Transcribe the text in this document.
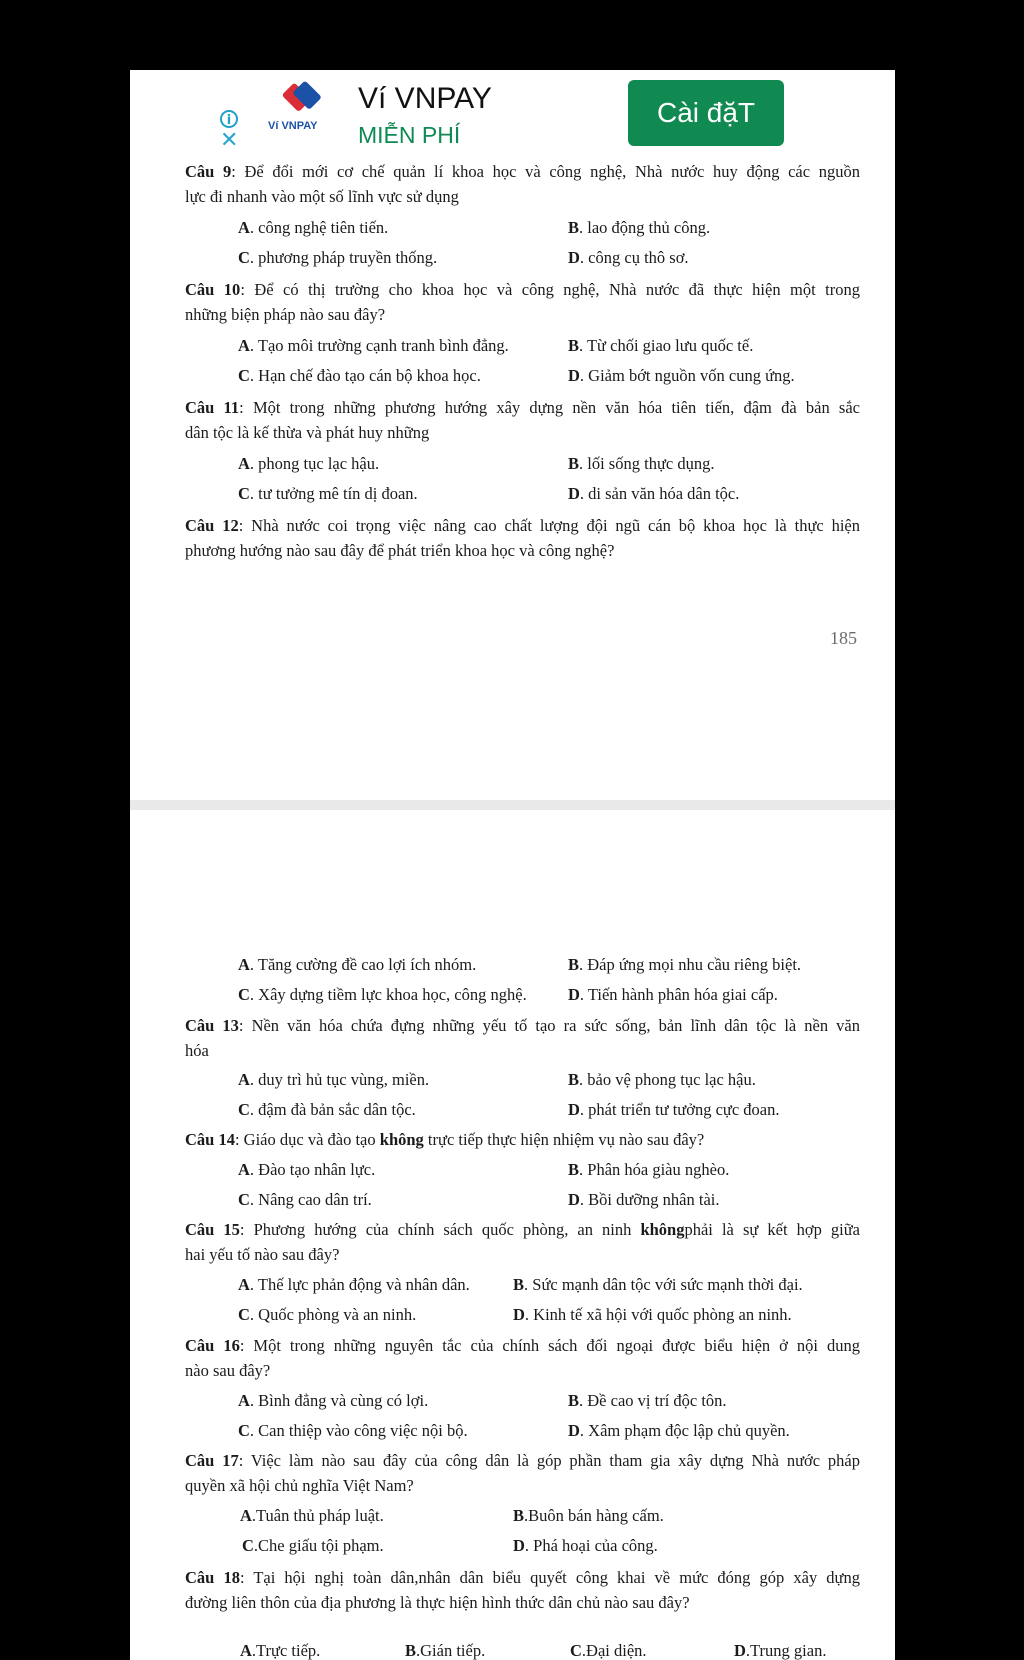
Câu 9: Để đổi mới cơ chế quản lí khoa học và công nghệ, Nhà nước huy động các nguồn
lực đi nhanh vào một số lĩnh vực sử dụng
A. công nghệ tiên tiến.	B. lao động thủ công.
C. phương pháp truyền thống.	D. công cụ thô sơ.
Câu 10: Để có thị trường cho khoa học và công nghệ, Nhà nước đã thực hiện một trong
những biện pháp nào sau đây?
A. Tạo môi trường cạnh tranh bình đẳng.	B. Từ chối giao lưu quốc tế.
C. Hạn chế đào tạo cán bộ khoa học.	D. Giảm bớt nguồn vốn cung ứng.
Câu 11: Một trong những phương hướng xây dựng nền văn hóa tiên tiến, đậm đà bản sắc
dân tộc là kế thừa và phát huy những
A. phong tục lạc hậu.	B. lối sống thực dụng.
C. tư tưởng mê tín dị đoan.	D. di sản văn hóa dân tộc.
Câu 12: Nhà nước coi trọng việc nâng cao chất lượng đội ngũ cán bộ khoa học là thực hiện
phương hướng nào sau đây để phát triển khoa học và công nghệ?
185
A. Tăng cường đề cao lợi ích nhóm.	B. Đáp ứng mọi nhu cầu riêng biệt.
C. Xây dựng tiềm lực khoa học, công nghệ.	D. Tiến hành phân hóa giai cấp.
Câu 13: Nền văn hóa chứa đựng những yếu tố tạo ra sức sống, bản lĩnh dân tộc là nền văn
hóa
A. duy trì hủ tục vùng, miền.	B. bảo vệ phong tục lạc hậu.
C. đậm đà bản sắc dân tộc.	D. phát triển tư tưởng cực đoan.
Câu 14: Giáo dục và đào tạo không trực tiếp thực hiện nhiệm vụ nào sau đây?
A. Đào tạo nhân lực.	B. Phân hóa giàu nghèo.
C. Nâng cao dân trí.	D. Bồi dưỡng nhân tài.
Câu 15: Phương hướng của chính sách quốc phòng, an ninh khôngphải là sự kết hợp giữa
hai yếu tố nào sau đây?
A. Thế lực phản động và nhân dân.	B. Sức mạnh dân tộc với sức mạnh thời đại.
C. Quốc phòng và an ninh.	D. Kinh tế xã hội với quốc phòng an ninh.
Câu 16: Một trong những nguyên tắc của chính sách đối ngoại được biểu hiện ở nội dung
nào sau đây?
A. Bình đẳng và cùng có lợi.	B. Đề cao vị trí độc tôn.
C. Can thiệp vào công việc nội bộ.	D. Xâm phạm độc lập chủ quyền.
Câu 17: Việc làm nào sau đây của công dân là góp phần tham gia xây dựng Nhà nước pháp
quyền xã hội chủ nghĩa Việt Nam?
A.Tuân thủ pháp luật.	B.Buôn bán hàng cấm.
C.Che giấu tội phạm.	D. Phá hoại của công.
Câu 18: Tại hội nghị toàn dân,nhân dân biểu quyết công khai về mức đóng góp xây dựng
đường liên thôn của địa phương là thực hiện hình thức dân chủ nào sau đây?
A.Trực tiếp.	B.Gián tiếp.	C.Đại diện.	D.Trung gian.
i
✕
Ví VNPAY
Ví VNPAY
MIỄN PHÍ
Cài đặT
